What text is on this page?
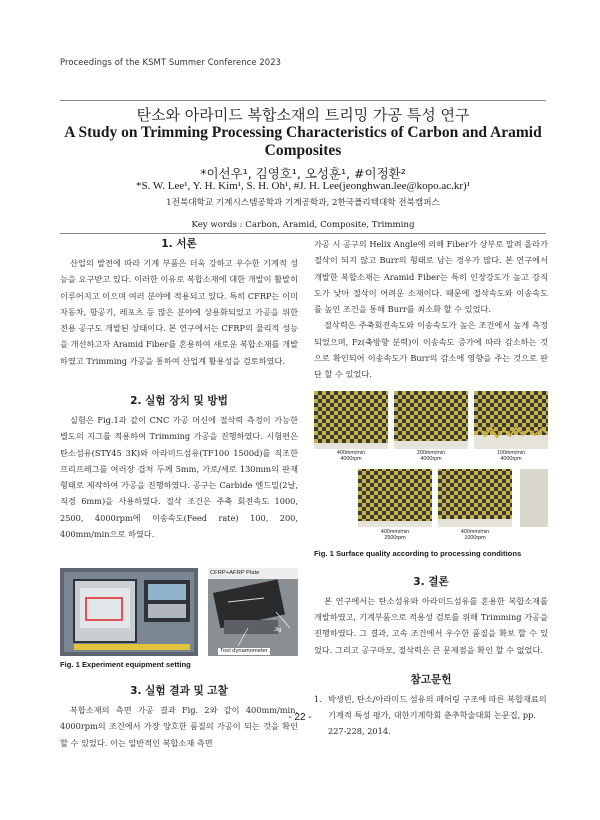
Proceedings of the KSMT Summer Conference 2023
탄소와 아라미드 복합소재의 트리밍 가공 특성 연구
A Study on Trimming Processing Characteristics of Carbon and Aramid Composites
*이선우¹, 김영호¹, 오성훈¹, #이정환²
*S. W. Lee¹, Y. H. Kim¹, S. H. Oh¹, #J. H. Lee(jeonghwan.lee@kopo.ac.kr)¹
1전북대학교 기계시스템공학과 기계공학과, 2한국폴리텍대학 전북캠퍼스
Key words : Carbon, Aramid, Composite, Trimming
1. 서론

산업의 발전에 따라 기계 부품은 더욱 강하고 우수한 기계적 성능을 요구받고 있다. 이러한 이유로 복합소재에 대한 개발이 활발히 이루어지고 이으며 여러 분야에 적용되고 있다. 특히 CFRP는 이미 자동차, 항공기, 레포츠 등 많은 분야에 상용화되었고 가공을 위한 전용 공구도 개발된 상태이다. 본 연구에서는 CFRP의 물리적 성능을 개선하고자 Aramid Fiber를 혼용하여 새로운 복합소재를 개발하였고 Trimming 가공을 통하여 산업계 활용성을 검토하였다.

2. 실험 장치 및 방법

실험은 Fig.1과 같이 CNC 가공 머신에 절삭력 측정이 가능한 별도의 지그를 적용하여 Trimming 가공을 진행하였다. 시험편은 탄소섬유(STY45 3K)와 아라미드섬유(TF100 1500d)를 직조한 프리프레그를 여러장 겹처 두께 5mm, 가로/세로 130mm의 판재 형태로 제작하여 가공을 진행하였다. 공구는 Carbide 엔드밀(2날, 직경 6mm)을 사용하였다. 절삭 조건은 주축 회전속도 1000, 2500, 4000rpm에 이송속도(Feed rate) 100, 200, 400mm/min으로 하였다.

CFRP+AFRP Plate
Jig
Tool dynamometer
Fig. 1 Experiment equipment setting
3. 실험 결과 및 고찰

복합소재의 측면 가공 결과 Fig. 2와 같이 400mm/min, 4000rpm의 조건에서 가장 양호한 품질의 가공이 되는 것을 확인 할 수 있었다. 이는 일반적인 복합소재 측면

가공 시 공구의 Helix Angle에 의해 Fiber가 상부로 말려 올라가 절삭이 되지 않고 Burr의 형태로 남는 경우가 많다. 본 연구에서 개발한 복합소재는 Aramid Fiber는 특히 인장강도가 높고 강직도가 낮아 절삭이 어려운 소재이다. 때문에 절삭속도와 이송속도를 높인 조건을 통해 Burr를 최소화 할 수 있었다.

절삭력은 주축회전속도와 이송속도가 높은 조건에서 높게 측정되었으며, Fz(축방향 분력)이 이송속도 증가에 따라 감소하는 것으로 확인되어 이송속도가 Burr의 감소에 영향을 주는 것으로 판단 할 수 있었다.

400mm/min
4000rpm
200mm/min
4000rpm
100mm/min
4000rpm
400mm/min
2500rpm
400mm/min
1000rpm
Fig. 1 Surface quality according to processing conditions
3. 결론

본 연구에서는 탄소섬유와 아라미드섬유를 혼용한 복합소재를 개발하였고, 기계부품으로 적용성 검토를 위해 Trimming 가공을 진행하였다. 그 결과, 고속 조건에서 우수한 품질을 확보 할 수 있었다. 그리고 공구마모, 절삭력은 큰 문제점을 확인 할 수 없었다.

참고문헌
1. 박생빈, 탄소/아라미드 섬유의 페어링 구조에 따른 복합재료의 기계적 특성 평가, 대한기계학회 춘추학술대회 논문집, pp. 227-228, 2014.
- 22 -
